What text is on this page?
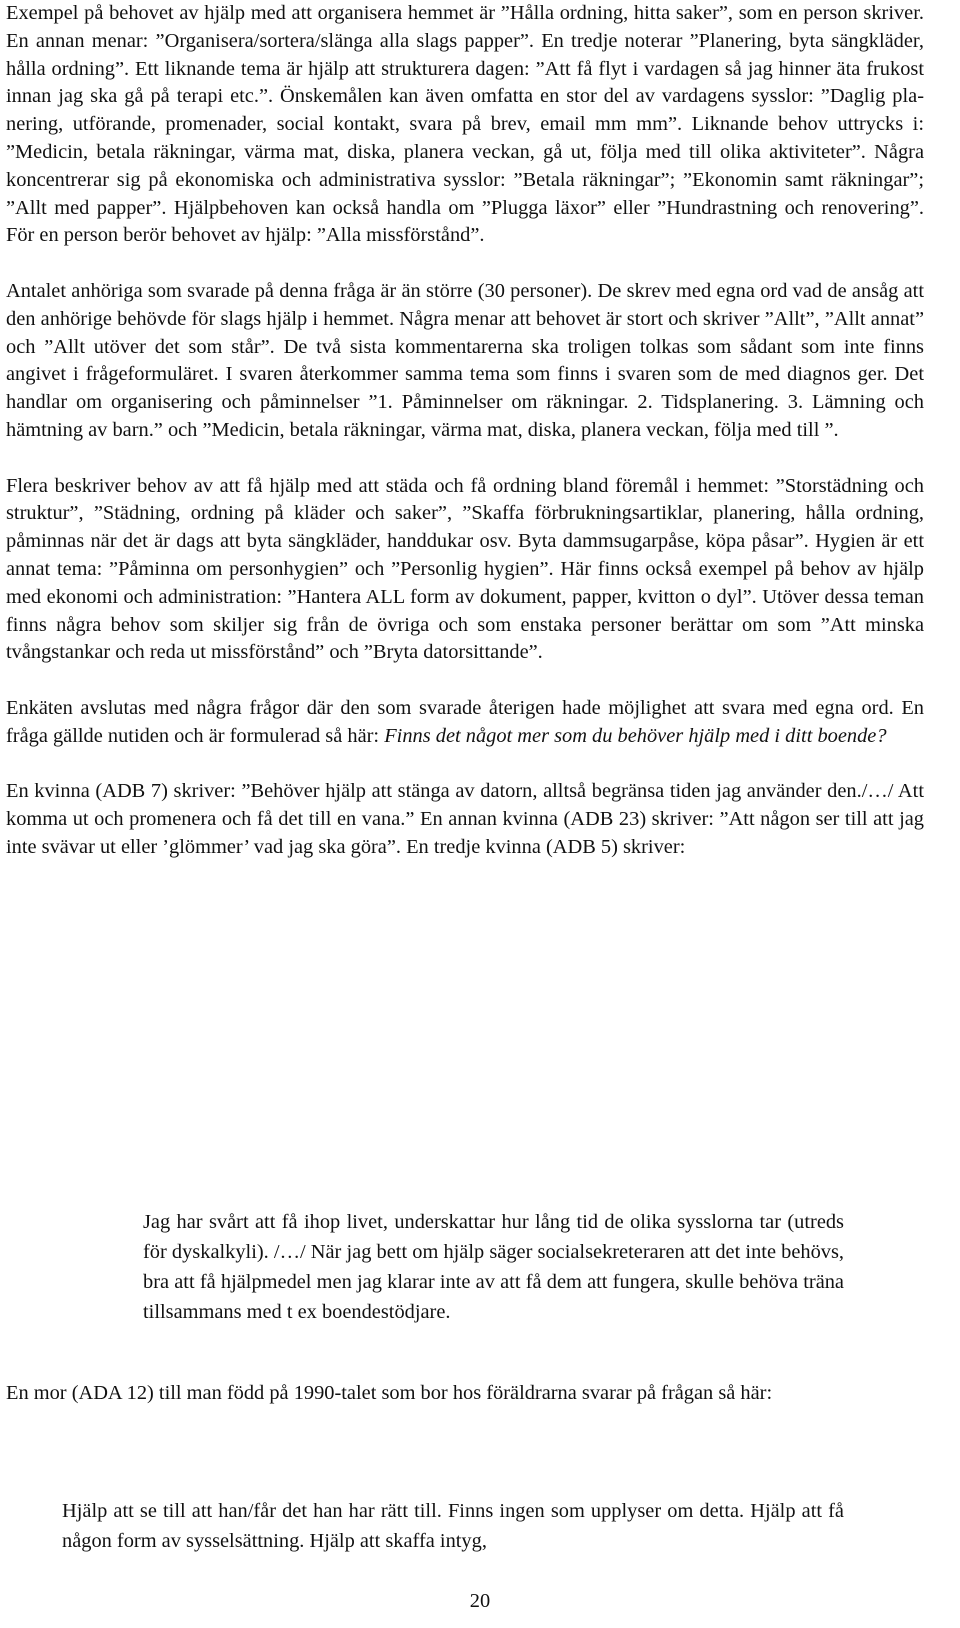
Exempel på behovet av hjälp med att organisera hemmet är ”Hålla ordning, hitta saker”, som en person skriver. En annan menar: ”Organisera/sortera/slänga alla slags papper”. En tredje noterar ”Planering, byta sängkläder, hålla ordning”. Ett liknande tema är hjälp att strukturera dagen: ”Att få flyt i vardagen så jag hinner äta frukost innan jag ska gå på terapi etc.”. Önskemålen kan även omfatta en stor del av vardagens sysslor: ”Daglig planering, utförande, promenader, social kontakt, svara på brev, email mm mm”. Liknande behov uttrycks i: ”Medicin, betala räkningar, värma mat, diska, planera veckan, gå ut, följa med till olika aktiviteter”. Några koncentrerar sig på ekonomiska och administrativa sysslor: ”Betala räkningar”; ”Ekonomin samt räkningar”; ”Allt med papper”. Hjälpbehoven kan också handla om ”Plugga läxor” eller ”Hundrastning och renovering”. För en person berör behovet av hjälp: ”Alla missförstånd”.

Antalet anhöriga som svarade på denna fråga är än större (30 personer). De skrev med egna ord vad de ansåg att den anhörige behövde för slags hjälp i hemmet. Några menar att behovet är stort och skriver ”Allt”, ”Allt annat” och ”Allt utöver det som står”. De två sista kommentarerna ska troligen tolkas som sådant som inte finns angivet i frågeformuläret. I svaren återkommer samma tema som finns i svaren som de med diagnos ger. Det handlar om organisering och påminnelser ”1. Påminnelser om räkningar. 2. Tidsplanering. 3. Lämning och hämtning av barn.” och ”Medicin, betala räkningar, värma mat, diska, planera veckan, följa med till ”.

Flera beskriver behov av att få hjälp med att städa och få ordning bland föremål i hemmet: ”Storstädning och struktur”, ”Städning, ordning på kläder och saker”, ”Skaffa förbrukningsartiklar, planering, hålla ordning, påminnas när det är dags att byta sängkläder, handdukar osv. Byta dammsugarpåse, köpa påsar”. Hygien är ett annat tema: ”Påminna om personhygien” och ”Personlig hygien”. Här finns också exempel på behov av hjälp med ekonomi och administration: ”Hantera ALL form av dokument, papper, kvitton o dyl”. Utöver dessa teman finns några behov som skiljer sig från de övriga och som enstaka personer berättar om som ”Att minska tvångstankar och reda ut missförstånd” och ”Bryta datorsittande”.

Enkäten avslutas med några frågor där den som svarade återigen hade möjlighet att svara med egna ord. En fråga gällde nutiden och är formulerad så här: Finns det något mer som du behöver hjälp med i ditt boende?

En kvinna (ADB 7) skriver: ”Behöver hjälp att stänga av datorn, alltså begränsa tiden jag använder den./…/ Att komma ut och promenera och få det till en vana.” En annan kvinna (ADB 23) skriver: ”Att någon ser till att jag inte svävar ut eller ’glömmer’ vad jag ska göra”. En tredje kvinna (ADB 5) skriver:

Jag har svårt att få ihop livet, underskattar hur lång tid de olika sysslorna tar (utreds för dyskalkyli). /…/ När jag bett om hjälp säger socialsekreteraren att det inte behövs, bra att få hjälpmedel men jag klarar inte av att få dem att fungera, skulle behöva träna tillsammans med t ex boendestödjare.

En mor (ADA 12) till man född på 1990-talet som bor hos föräldrarna svarar på frågan så här:

Hjälp att se till att han/får det han har rätt till. Finns ingen som upplyser om detta. Hjälp att få någon form av sysselsättning. Hjälp att skaffa intyg,

20
